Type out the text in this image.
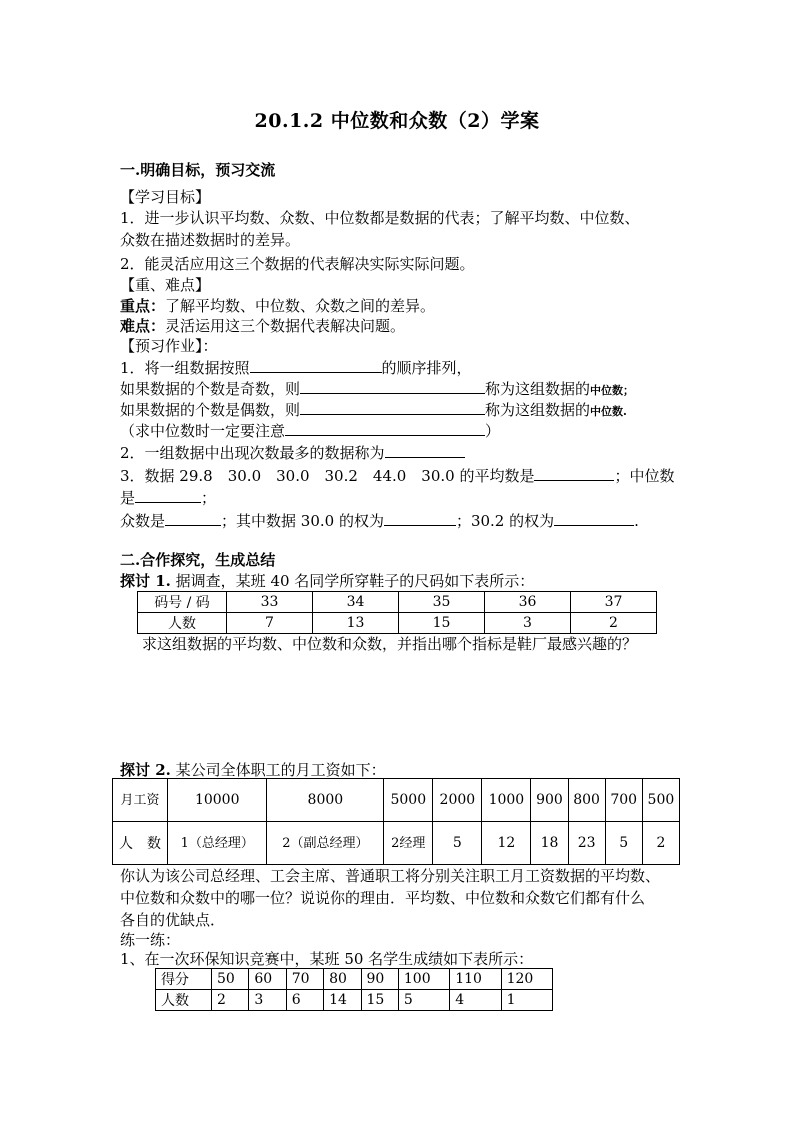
20.1.2 中位数和众数（2）学案
一.明确目标，预习交流
【学习目标】
1．进一步认识平均数、众数、中位数都是数据的代表；了解平均数、中位数、
众数在描述数据时的差异。
2．能灵活应用这三个数据的代表解决实际实际问题。
【重、难点】
重点：了解平均数、中位数、众数之间的差异。
难点：灵活运用这三个数据代表解决问题。
【预习作业】：
1．将一组数据按照	的顺序排列，
如果数据的个数是奇数，则	称为这组数据的中位数；
如果数据的个数是偶数，则	称为这组数据的中位数.
（求中位数时一定要注意	）
2．一组数据中出现次数最多的数据称为
3．数据 29.8　30.0　30.0　30.2　44.0　30.0 的平均数是	；中位数
是	；
众数是	；其中数据 30.0 的权为	；30.2 的权为	.
二.合作探究，生成总结
探讨 1. 据调查，某班 40 名同学所穿鞋子的尺码如下表所示：
码号 / 码	33	34	35	36	37
人数	7	13	15	3	2
求这组数据的平均数、中位数和众数，并指出哪个指标是鞋厂最感兴趣的？
探讨 2. 某公司全体职工的月工资如下：
月工资	10000	8000	5000	2000	1000	900	800	700	500
人　数	1（总经理）	2（副总经理）	2经理	5	12	18	23	5	2
你认为该公司总经理、工会主席、普通职工将分别关注职工月工资数据的平均数、
中位数和众数中的哪一位？说说你的理由．平均数、中位数和众数它们都有什么
各自的优缺点．
练一练：
1、在一次环保知识竞赛中，某班 50 名学生成绩如下表所示：
得分	50	60	70	80	90	100	110	120
人数	2	3	6	14	15	5	4	1
